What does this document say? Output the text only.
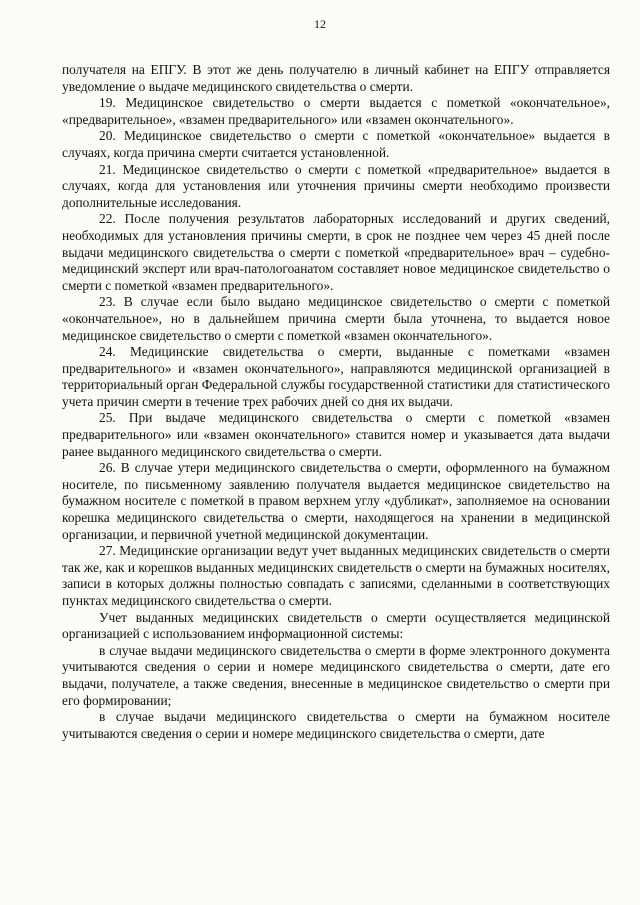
12

получателя на ЕПГУ. В этот же день получателю в личный кабинет на ЕПГУ отправляется уведомление о выдаче медицинского свидетельства о смерти.

19. Медицинское свидетельство о смерти выдается с пометкой «окончательное», «предварительное», «взамен предварительного» или «взамен окончательного».

20. Медицинское свидетельство о смерти с пометкой «окончательное» выдается в случаях, когда причина смерти считается установленной.

21. Медицинское свидетельство о смерти с пометкой «предварительное» выдается в случаях, когда для установления или уточнения причины смерти необходимо произвести дополнительные исследования.

22. После получения результатов лабораторных исследований и других сведений, необходимых для установления причины смерти, в срок не позднее чем через 45 дней после выдачи медицинского свидетельства о смерти с пометкой «предварительное» врач – судебно-медицинский эксперт или врач-патологоанатом составляет новое медицинское свидетельство о смерти с пометкой «взамен предварительного».

23. В случае если было выдано медицинское свидетельство о смерти с пометкой «окончательное», но в дальнейшем причина смерти была уточнена, то выдается новое медицинское свидетельство о смерти с пометкой «взамен окончательного».

24. Медицинские свидетельства о смерти, выданные с пометками «взамен предварительного» и «взамен окончательного», направляются медицинской организацией в территориальный орган Федеральной службы государственной статистики для статистического учета причин смерти в течение трех рабочих дней со дня их выдачи.

25. При выдаче медицинского свидетельства о смерти с пометкой «взамен предварительного» или «взамен окончательного» ставится номер и указывается дата выдачи ранее выданного медицинского свидетельства о смерти.

26. В случае утери медицинского свидетельства о смерти, оформленного на бумажном носителе, по письменному заявлению получателя выдается медицинское свидетельство на бумажном носителе с пометкой в правом верхнем углу «дубликат», заполняемое на основании корешка медицинского свидетельства о смерти, находящегося на хранении в медицинской организации, и первичной учетной медицинской документации.

27. Медицинские организации ведут учет выданных медицинских свидетельств о смерти так же, как и корешков выданных медицинских свидетельств о смерти на бумажных носителях, записи в которых должны полностью совпадать с записями, сделанными в соответствующих пунктах медицинского свидетельства о смерти.

Учет выданных медицинских свидетельств о смерти осуществляется медицинской организацией с использованием информационной системы:

в случае выдачи медицинского свидетельства о смерти в форме электронного документа учитываются сведения о серии и номере медицинского свидетельства о смерти, дате его выдачи, получателе, а также сведения, внесенные в медицинское свидетельство о смерти при его формировании;

в случае выдачи медицинского свидетельства о смерти на бумажном носителе учитываются сведения о серии и номере медицинского свидетельства о смерти, дате
